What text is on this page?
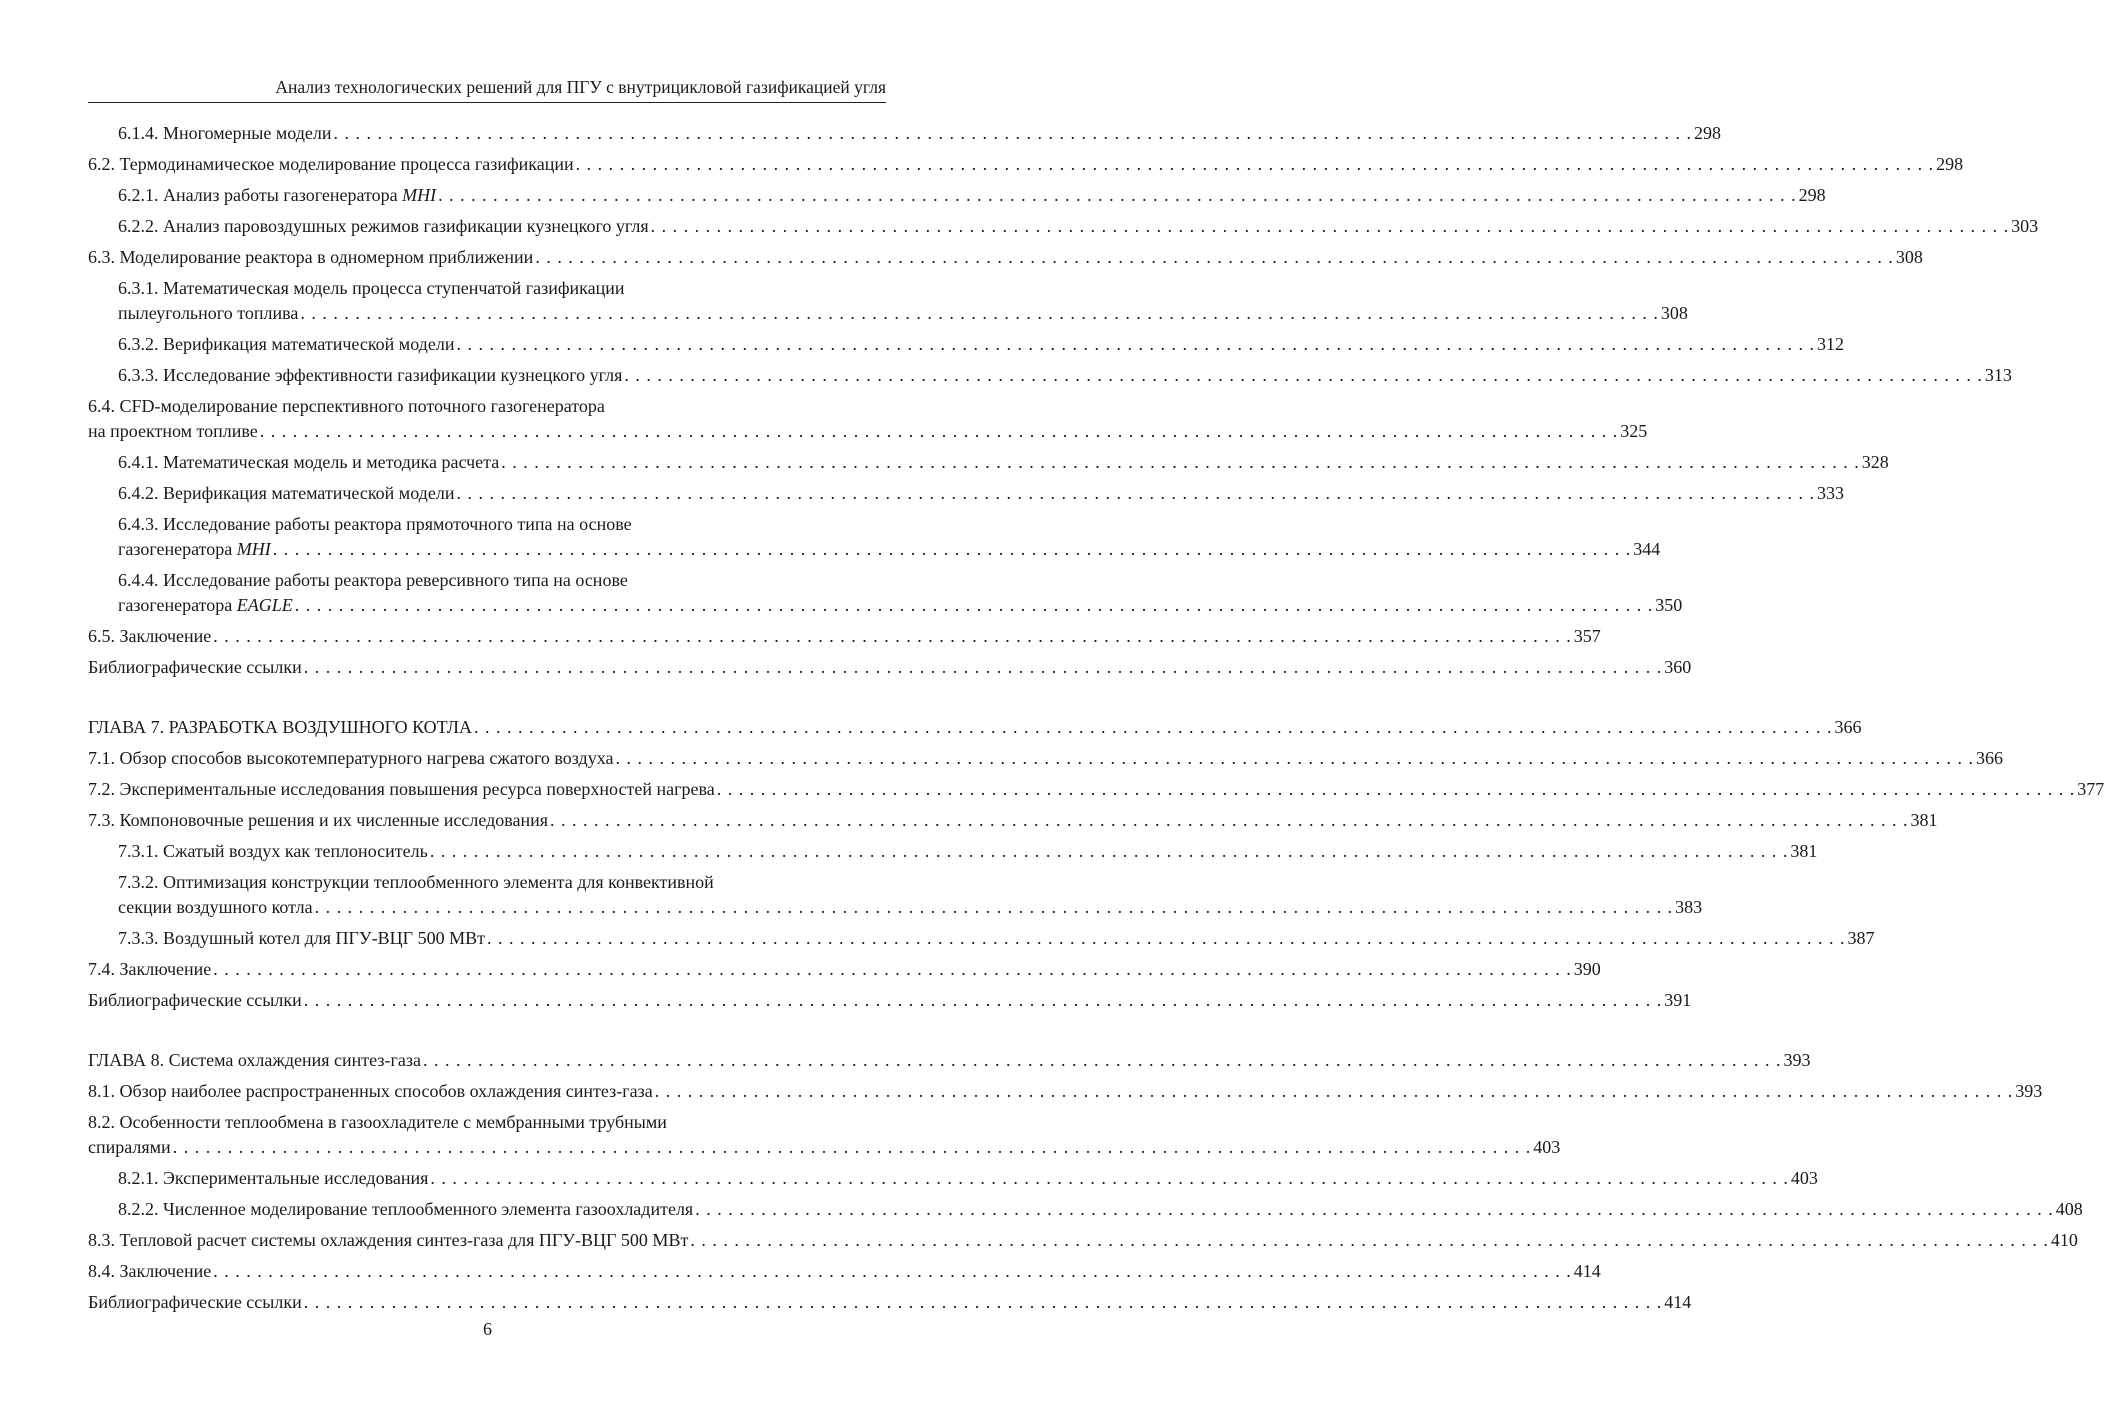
Анализ технологических решений для ПГУ с внутрицикловой газификацией угля
6.1.4. Многомерные модели . . .	298
6.2. Термодинамическое моделирование процесса газификации . . .	298
6.2.1. Анализ работы газогенератора MHI . . .	298
6.2.2. Анализ паровоздушных режимов газификации кузнецкого угля . . .	303
6.3. Моделирование реактора в одномерном приближении . . .	308
6.3.1. Математическая модель процесса ступенчатой газификации
пылеугольного топлива . . .	308
6.3.2. Верификация математической модели . . .	312
6.3.3. Исследование эффективности газификации кузнецкого угля . . .	313
6.4. CFD-моделирование перспективного поточного газогенератора
на проектном топливе . . .	325
6.4.1. Математическая модель и методика расчета . . .	328
6.4.2. Верификация математической модели . . .	333
6.4.3. Исследование работы реактора прямоточного типа на основе
газогенератора MHI . . .	344
6.4.4. Исследование работы реактора реверсивного типа на основе
газогенератора EAGLE . . .	350
6.5. Заключение . . .	357
Библиографические ссылки . . .	360
ГЛАВА 7. РАЗРАБОТКА ВОЗДУШНОГО КОТЛА . . .	366
7.1. Обзор способов высокотемпературного нагрева сжатого воздуха . . .	366
7.2. Экспериментальные исследования повышения ресурса поверхностей нагрева . . .	377
7.3. Компоновочные решения и их численные исследования . . .	381
7.3.1. Сжатый воздух как теплоноситель . . .	381
7.3.2. Оптимизация конструкции теплообменного элемента для конвективной
секции воздушного котла . . .	383
7.3.3. Воздушный котел для ПГУ-ВЦГ 500 МВт . . .	387
7.4. Заключение . . .	390
Библиографические ссылки . . .	391
ГЛАВА 8. Система охлаждения синтез-газа . . .	393
8.1. Обзор наиболее распространенных способов охлаждения синтез-газа . . .	393
8.2. Особенности теплообмена в газоохладителе с мембранными трубными
спиралями . . .	403
8.2.1. Экспериментальные исследования . . .	403
8.2.2. Численное моделирование теплообменного элемента газоохладителя . . .	408
8.3. Тепловой расчет системы охлаждения синтез-газа для ПГУ-ВЦГ 500 МВт . . .	410
8.4. Заключение . . .	414
Библиографические ссылки . . .	414
6
